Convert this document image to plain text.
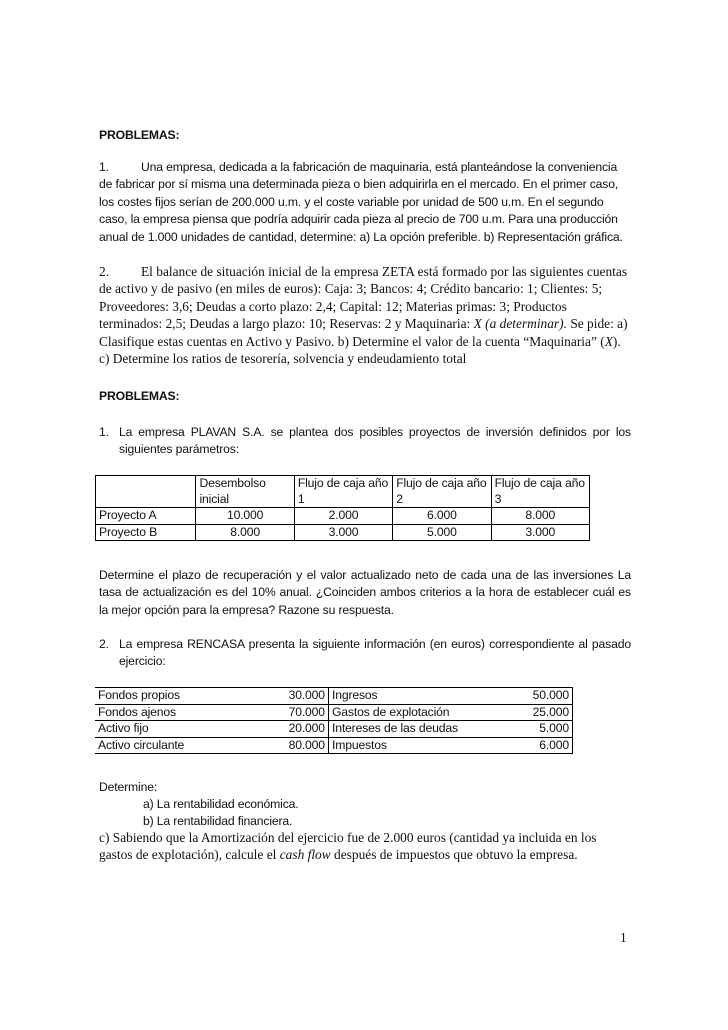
PROBLEMAS:

1.	Una empresa, dedicada a la fabricación de maquinaria, está planteándose la conveniencia de fabricar por sí misma una determinada pieza o bien adquirirla en el mercado. En el primer caso, los costes fijos serían de 200.000 u.m. y el coste variable por unidad de 500 u.m. En el segundo caso, la empresa piensa que podría adquirir cada pieza al precio de 700 u.m. Para una producción anual de 1.000 unidades de cantidad, determine: a) La opción preferible. b) Representación gráfica.

2. El balance de situación inicial de la empresa ZETA está formado por las siguientes cuentas de activo y de pasivo (en miles de euros): Caja: 3; Bancos: 4; Crédito bancario: 1; Clientes: 5; Proveedores: 3,6; Deudas a corto plazo: 2,4; Capital: 12; Materias primas: 3; Productos terminados: 2,5; Deudas a largo plazo: 10; Reservas: 2 y Maquinaria: X (a determinar). Se pide: a) Clasifique estas cuentas en Activo y Pasivo. b) Determine el valor de la cuenta “Maquinaria” (X). c) Determine los ratios de tesorería, solvencia y endeudamiento total

PROBLEMAS:
1. La empresa PLAVAN S.A. se plantea dos posibles proyectos de inversión definidos por los siguientes parámetros:
	Desembolso inicial	Flujo de caja año 1	Flujo de caja año 2	Flujo de caja año 3
Proyecto A	10.000	2.000	6.000	8.000
Proyecto B	8.000	3.000	5.000	3.000

Determine el plazo de recuperación y el valor actualizado neto de cada una de las inversiones La tasa de actualización es del 10% anual. ¿Coinciden ambos criterios a la hora de establecer cuál es la mejor opción para la empresa? Razone su respuesta.

2. La empresa RENCASA presenta la siguiente información (en euros) correspondiente al pasado ejercicio:
Fondos propios	30.000	Ingresos	50.000
Fondos ajenos	70.000	Gastos de explotación	25.000
Activo fijo	20.000	Intereses de las deudas	5.000
Activo circulante	80.000	Impuestos	6.000
Determine:
a) La rentabilidad económica.
b) La rentabilidad financiera.

c) Sabiendo que la Amortización del ejercicio fue de 2.000 euros (cantidad ya incluida en los gastos de explotación), calcule el cash flow después de impuestos que obtuvo la empresa.

1
